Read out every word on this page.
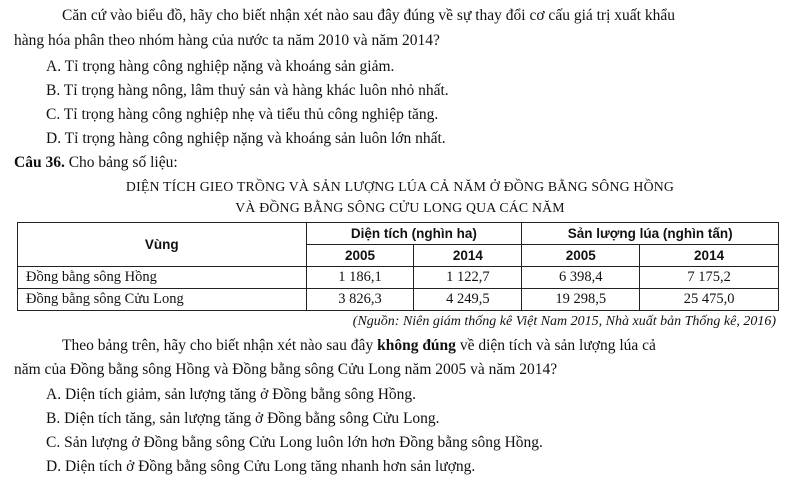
Căn cứ vào biểu đồ, hãy cho biết nhận xét nào sau đây đúng về sự thay đổi cơ cấu giá trị xuất khẩu
hàng hóa phân theo nhóm hàng của nước ta năm 2010 và năm 2014?
A. Tỉ trọng hàng công nghiệp nặng và khoáng sản giảm.
B. Tỉ trọng hàng nông, lâm thuỷ sản và hàng khác luôn nhỏ nhất.
C. Tỉ trọng hàng công nghiệp nhẹ và tiểu thủ công nghiệp tăng.
D. Tỉ trọng hàng công nghiệp nặng và khoáng sản luôn lớn nhất.
Câu 36. Cho bảng số liệu:
DIỆN TÍCH GIEO TRỒNG VÀ SẢN LƯỢNG LÚA CẢ NĂM Ở ĐỒNG BẰNG SÔNG HỒNG
VÀ ĐỒNG BẰNG SÔNG CỬU LONG QUA CÁC NĂM
Vùng	Diện tích (nghìn ha)		Sản lượng lúa (nghìn tấn)	
	2005	2014	2005	2014
Đồng bằng sông Hồng	1 186,1	1 122,7	6 398,4	7 175,2
Đồng bằng sông Cửu Long	3 826,3	4 249,5	19 298,5	25 475,0
(Nguồn: Niên giám thống kê Việt Nam 2015, Nhà xuất bản Thống kê, 2016)
Theo bảng trên, hãy cho biết nhận xét nào sau đây không đúng về diện tích và sản lượng lúa cả
năm của Đồng bằng sông Hồng và Đồng bằng sông Cửu Long năm 2005 và năm 2014?
A. Diện tích giảm, sản lượng tăng ở Đồng bằng sông Hồng.
B. Diện tích tăng, sản lượng tăng ở Đồng bằng sông Cửu Long.
C. Sản lượng ở Đồng bằng sông Cửu Long luôn lớn hơn Đồng bằng sông Hồng.
D. Diện tích ở Đồng bằng sông Cửu Long tăng nhanh hơn sản lượng.
